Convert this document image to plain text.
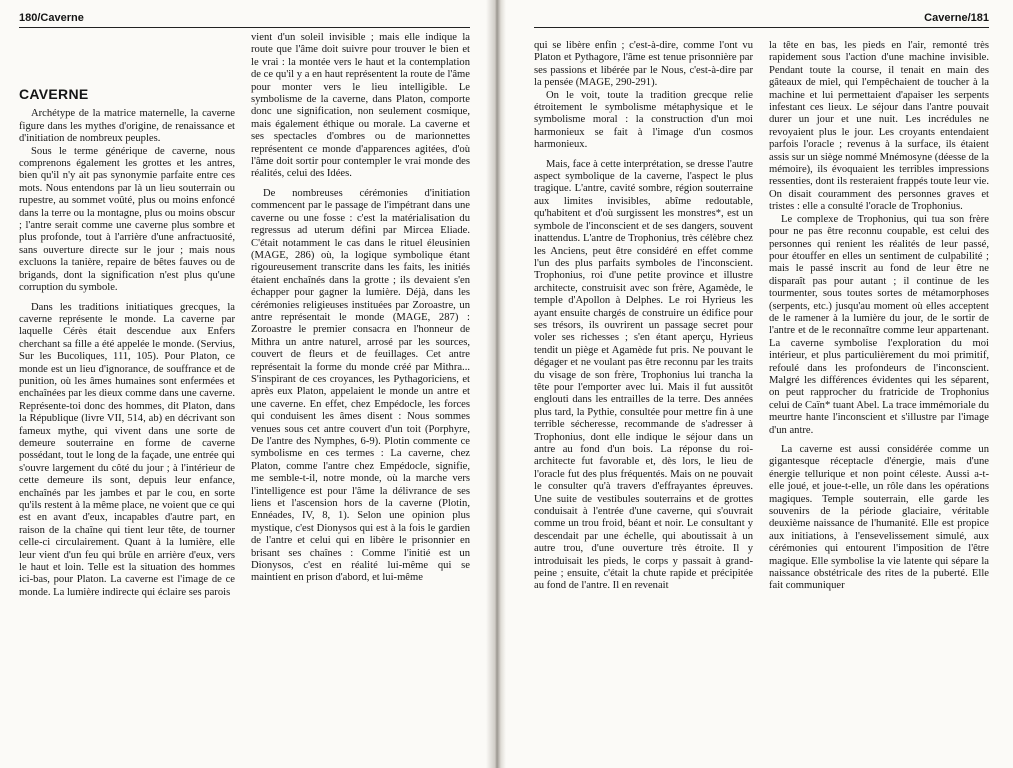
180/Caverne
CAVERNE

Archétype de la matrice maternelle, la caverne figure dans les mythes d'origine, de renaissance et d'initiation de nombreux peuples.

Sous le terme générique de caverne, nous comprenons également les grottes et les antres, bien qu'il n'y ait pas synonymie parfaite entre ces mots. Nous entendons par là un lieu souterrain ou rupestre, au sommet voûté, plus ou moins enfoncé dans la terre ou la montagne, plus ou moins obscur ; l'antre serait comme une caverne plus sombre et plus profonde, tout à l'arrière d'une anfractuosité, sans ouverture directe sur le jour ; mais nous excluons la tanière, repaire de bêtes fauves ou de brigands, dont la signification n'est plus qu'une corruption du symbole.

Dans les traditions initiatiques grecques, la caverne représente le monde. La caverne par laquelle Cérès était descendue aux Enfers cherchant sa fille a été appelée le monde. (Servius, Sur les Bucoliques, 111, 105). Pour Platon, ce monde est un lieu d'ignorance, de souffrance et de punition, où les âmes humaines sont enfermées et enchaînées par les dieux comme dans une caverne. Représente-toi donc des hommes, dit Platon, dans la République (livre VII, 514, ab) en décrivant son fameux mythe, qui vivent dans une sorte de demeure souterraine en forme de caverne possédant, tout le long de la façade, une entrée qui s'ouvre largement du côté du jour ; à l'intérieur de cette demeure ils sont, depuis leur enfance, enchaînés par les jambes et par le cou, en sorte qu'ils restent à la même place, ne voient que ce qui est en avant d'eux, incapables d'autre part, en raison de la chaîne qui tient leur tête, de tourner celle-ci circulairement. Quant à la lumière, elle leur vient d'un feu qui brûle en arrière d'eux, vers le haut et loin. Telle est la situation des hommes ici-bas, pour Platon. La caverne est l'image de ce monde. La lumière indirecte qui éclaire ses parois

vient d'un soleil invisible ; mais elle indique la route que l'âme doit suivre pour trouver le bien et le vrai : la montée vers le haut et la contemplation de ce qu'il y a en haut représentent la route de l'âme pour monter vers le lieu intelligible. Le symbolisme de la caverne, dans Platon, comporte donc une signification, non seulement cosmique, mais également éthique ou morale. La caverne et ses spectacles d'ombres ou de marionnettes représentent ce monde d'apparences agitées, d'où l'âme doit sortir pour contempler le vrai monde des réalités, celui des Idées.

De nombreuses cérémonies d'initiation commencent par le passage de l'impétrant dans une caverne ou une fosse : c'est la matérialisation du regressus ad uterum défini par Mircea Eliade. C'était notamment le cas dans le rituel éleusinien (MAGE, 286) où, la logique symbolique étant rigoureusement transcrite dans les faits, les initiés étaient enchaînés dans la grotte ; ils devaient s'en échapper pour gagner la lumière. Déjà, dans les cérémonies religieuses instituées par Zoroastre, un antre représentait le monde (MAGE, 287) : Zoroastre le premier consacra en l'honneur de Mithra un antre naturel, arrosé par les sources, couvert de fleurs et de feuillages. Cet antre représentait la forme du monde créé par Mithra... S'inspirant de ces croyances, les Pythagoriciens, et après eux Platon, appelaient le monde un antre et une caverne. En effet, chez Empédocle, les forces qui conduisent les âmes disent : Nous sommes venues sous cet antre couvert d'un toit (Porphyre, De l'antre des Nymphes, 6-9). Plotin commente ce symbolisme en ces termes : La caverne, chez Platon, comme l'antre chez Empédocle, signifie, me semble-t-il, notre monde, où la marche vers l'intelligence est pour l'âme la délivrance de ses liens et l'ascension hors de la caverne (Plotin, Ennéades, IV, 8, 1). Selon une opinion plus mystique, c'est Dionysos qui est à la fois le gardien de l'antre et celui qui en libère le prisonnier en brisant ses chaînes : Comme l'initié est un Dionysos, c'est en réalité lui-même qui se maintient en prison d'abord, et lui-même

Caverne/181

qui se libère enfin ; c'est-à-dire, comme l'ont vu Platon et Pythagore, l'âme est tenue prisonnière par ses passions et libérée par le Nous, c'est-à-dire par la pensée (MAGE, 290-291).

On le voit, toute la tradition grecque relie étroitement le symbolisme métaphysique et le symbolisme moral : la construction d'un moi harmonieux se fait à l'image d'un cosmos harmonieux.

Mais, face à cette interprétation, se dresse l'autre aspect symbolique de la caverne, l'aspect le plus tragique. L'antre, cavité sombre, région souterraine aux limites invisibles, abîme redoutable, qu'habitent et d'où surgissent les monstres*, est un symbole de l'inconscient et de ses dangers, souvent inattendus. L'antre de Trophonius, très célèbre chez les Anciens, peut être considéré en effet comme l'un des plus parfaits symboles de l'inconscient. Trophonius, roi d'une petite province et illustre architecte, construisit avec son frère, Agamède, le temple d'Apollon à Delphes. Le roi Hyrieus les ayant ensuite chargés de construire un édifice pour ses trésors, ils ouvrirent un passage secret pour voler ses richesses ; s'en étant aperçu, Hyrieus tendit un piège et Agamède fut pris. Ne pouvant le dégager et ne voulant pas être reconnu par les traits du visage de son frère, Trophonius lui trancha la tête pour l'emporter avec lui. Mais il fut aussitôt englouti dans les entrailles de la terre. Des années plus tard, la Pythie, consultée pour mettre fin à une terrible sécheresse, recommande de s'adresser à Trophonius, dont elle indique le séjour dans un antre au fond d'un bois. La réponse du roi-architecte fut favorable et, dès lors, le lieu de l'oracle fut des plus fréquentés. Mais on ne pouvait le consulter qu'à travers d'effrayantes épreuves. Une suite de vestibules souterrains et de grottes conduisait à l'entrée d'une caverne, qui s'ouvrait comme un trou froid, béant et noir. Le consultant y descendait par une échelle, qui aboutissait à un autre trou, d'une ouverture très étroite. Il y introduisait les pieds, le corps y passait à grand-peine ; ensuite, c'était la chute rapide et précipitée au fond de l'antre. Il en revenait

la tête en bas, les pieds en l'air, remonté très rapidement sous l'action d'une machine invisible. Pendant toute la course, il tenait en main des gâteaux de miel, qui l'empêchaient de toucher à la machine et lui permettaient d'apaiser les serpents infestant ces lieux. Le séjour dans l'antre pouvait durer un jour et une nuit. Les incrédules ne revoyaient plus le jour. Les croyants entendaient parfois l'oracle ; revenus à la surface, ils étaient assis sur un siège nommé Mnémosyne (déesse de la mémoire), ils évoquaient les terribles impressions ressenties, dont ils resteraient frappés toute leur vie. On disait couramment des personnes graves et tristes : elle a consulté l'oracle de Trophonius.

Le complexe de Trophonius, qui tua son frère pour ne pas être reconnu coupable, est celui des personnes qui renient les réalités de leur passé, pour étouffer en elles un sentiment de culpabilité ; mais le passé inscrit au fond de leur être ne disparaît pas pour autant ; il continue de les tourmenter, sous toutes sortes de métamorphoses (serpents, etc.) jusqu'au moment où elles acceptent de le ramener à la lumière du jour, de le sortir de l'antre et de le reconnaître comme leur appartenant. La caverne symbolise l'exploration du moi intérieur, et plus particulièrement du moi primitif, refoulé dans les profondeurs de l'inconscient. Malgré les différences évidentes qui les séparent, on peut rapprocher du fratricide de Trophonius celui de Caïn* tuant Abel. La trace immémoriale du meurtre hante l'inconscient et s'illustre par l'image d'un antre.

La caverne est aussi considérée comme un gigantesque réceptacle d'énergie, mais d'une énergie tellurique et non point céleste. Aussi a-t-elle joué, et joue-t-elle, un rôle dans les opérations magiques. Temple souterrain, elle garde les souvenirs de la période glaciaire, véritable deuxième naissance de l'humanité. Elle est propice aux initiations, à l'ensevelissement simulé, aux cérémonies qui entourent l'imposition de l'être magique. Elle symbolise la vie latente qui sépare la naissance obstétricale des rites de la puberté. Elle fait communiquer
